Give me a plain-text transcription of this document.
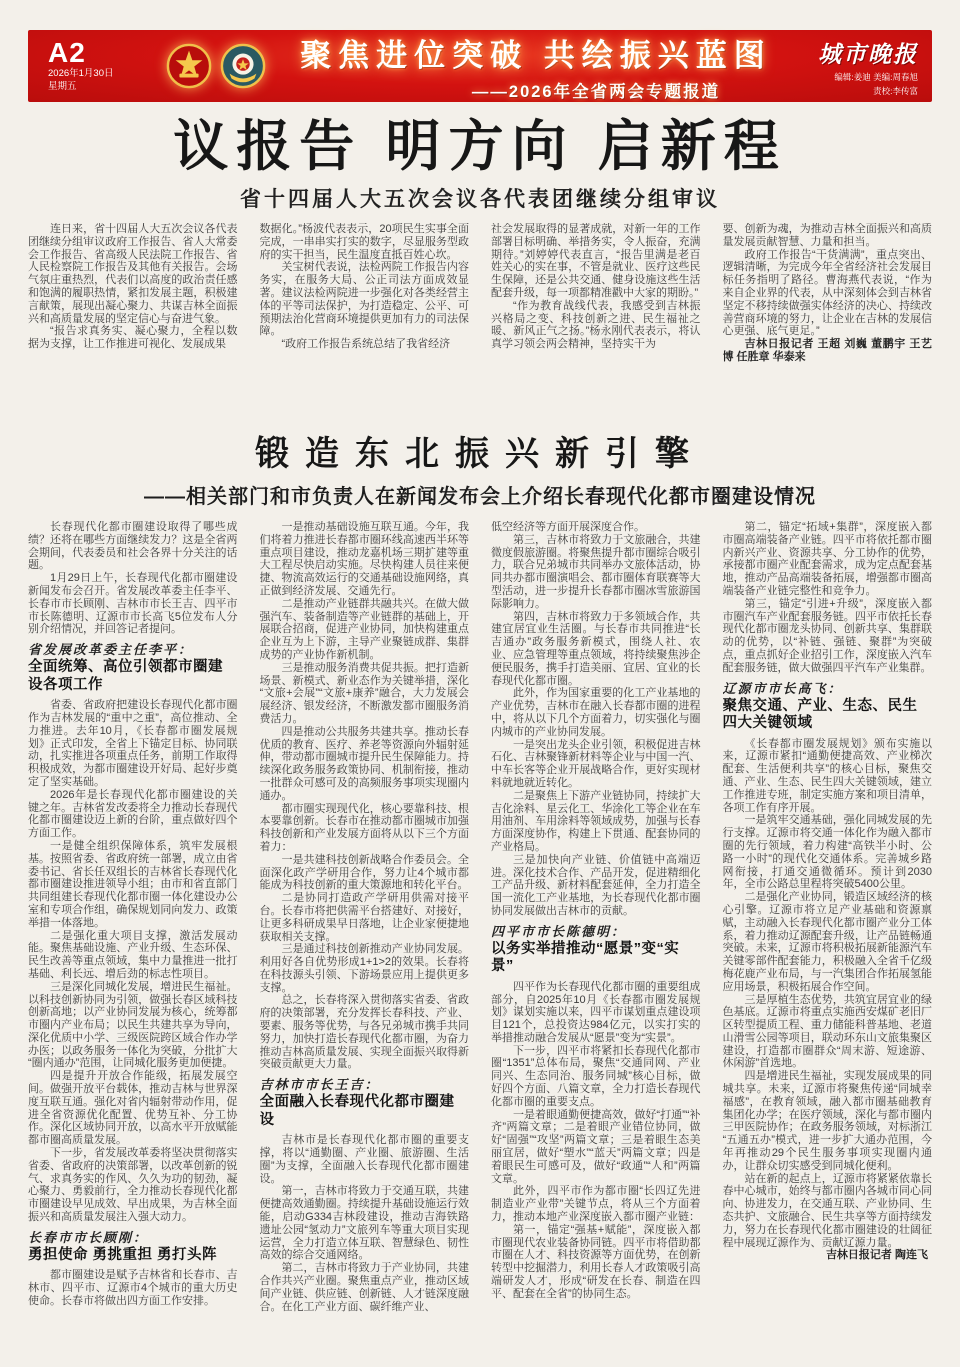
A2
2026年1月30日
星期五
聚焦进位突破 共绘振兴蓝图
——2026年全省两会专题报道
城市晚报
编辑:姜迪 美编:周春旭
责校:李传富
议报告 明方向 启新程
省十四届人大五次会议各代表团继续分组审议

连日来，省十四届人大五次会议各代表团继续分组审议政府工作报告、省人大常委会工作报告、省高级人民法院工作报告、省人民检察院工作报告及其他有关报告。会场气氛庄重热烈，代表们以高度的政治责任感和饱满的履职热情，紧扣发展主题，积极建言献策，展现出凝心聚力、共谋吉林全面振兴和高质量发展的坚定信心与奋进气象。

“报告求真务实、凝心聚力，全程以数据为支撑，让工作推进可视化、发展成果

数据化。”杨波代表表示，20项民生实事全面完成，一串串实打实的数字，尽显服务型政府的实干担当，民生温度直抵百姓心坎。

关宝树代表说，法检两院工作报告内容务实，在服务大局、公正司法方面成效显著。建议法检两院进一步强化对各类经营主体的平等司法保护，为打造稳定、公平、可预期法治化营商环境提供更加有力的司法保障。

“政府工作报告系统总结了我省经济

社会发展取得的显著成就，对新一年的工作部署目标明确、举措务实，令人振奋，充满期待。”刘婷婷代表直言，“报告里满是老百姓关心的实在事，不管是就业、医疗这些民生保障，还是公共交通、健身设施这些生活配套升级，每一项都精准戳中大家的期盼。”

“作为教育战线代表，我感受到吉林振兴格局之变、科技创新之进、民生福祉之暖、新风正气之扬。”杨永刚代表表示，将认真学习领会两会精神，坚持实干为

要、创新为魂，为推动吉林全面振兴和高质量发展贡献智慧、力量和担当。

政府工作报告“干货满满”，重点突出、逻辑清晰，为完成今年全省经济社会发展目标任务指明了路径。曹海燕代表说，“作为来自企业界的代表，从中深刻体会到吉林省坚定不移持续做强实体经济的决心、持续改善营商环境的努力，让企业在吉林的发展信心更强、底气更足。”

吉林日报记者 王超 刘巍 董鹏宇 王艺博 任胜章 华泰来

锻造东北振兴新引擎
——相关部门和市负责人在新闻发布会上介绍长春现代化都市圈建设情况

长春现代化都市圈建设取得了哪些成绩？还将在哪些方面继续发力？这是全省两会期间，代表委员和社会各界十分关注的话题。

1月29日上午，长春现代化都市圈建设新闻发布会召开。省发展改革委主任李平、长春市市长顾刚、吉林市市长王吉、四平市市长陈德明、辽源市市长高飞5位发布人分别介绍情况，并回答记者提问。

省发展改革委主任李平：

全面统筹、高位引领都市圈建设各项工作

省委、省政府把建设长春现代化都市圈作为吉林发展的“重中之重”，高位推动、全力推进。去年10月，《长春都市圈发展规划》正式印发，全省上下锚定目标、协同联动，扎实推进各项重点任务，前期工作取得积极成效，为都市圈建设开好局、起好步奠定了坚实基础。

2026年是长春现代化都市圈建设的关键之年。吉林省发改委将全力推动长春现代化都市圈建设迈上新的台阶，重点做好四个方面工作。

一是健全组织保障体系，筑牢发展根基。按照省委、省政府统一部署，成立由省委书记、省长任双组长的吉林省长春现代化都市圈建设推进领导小组；由市和省直部门共同组建长春现代化都市圈一体化建设办公室和专项合作组，确保规划同向发力、政策举措一体落地。

二是强化重大项目支撑，激活发展动能。聚焦基础设施、产业升级、生态环保、民生改善等重点领域，集中力量推进一批打基础、利长远、增后劲的标志性项目。

三是深化同城化发展，增进民生福祉。以科技创新协同为引领，做强长春区域科技创新高地；以产业协同发展为核心，统筹都市圈内产业布局；以民生共建共享为导向，深化优质中小学、三级医院跨区域合作办学办医；以政务服务一体化为突破，分批扩大“圈内通办”范围，让同城化服务更加便捷。

四是提升开放合作能级，拓展发展空间。做强开放平台载体，推动吉林与世界深度互联互通。强化对省内辐射带动作用，促进全省资源优化配置、优势互补、分工协作。深化区域协同开放，以高水平开放赋能都市圈高质量发展。

下一步，省发展改革委将坚决贯彻落实省委、省政府的决策部署，以改革创新的锐气、求真务实的作风、久久为功的韧劲，凝心聚力、勇毅前行，全力推动长春现代化都市圈建设早见成效、早出成果，为吉林全面振兴和高质量发展注入强大动力。

长春市市长顾刚：

勇担使命 勇挑重担 勇打头阵

都市圈建设是赋予吉林省和长春市、吉林市、四平市、辽源市4个城市的重大历史使命。长春市将做出四方面工作安排。

一是推动基础设施互联互通。今年，我们将着力推进长春都市圈环线高速西半环等重点项目建设，推动龙嘉机场三期扩建等重大工程尽快启动实施。尽快构建人员往来便捷、物流高效运行的交通基础设施网络，真正做到经济发展、交通先行。

二是推动产业链群共融共兴。在做大做强汽车、装备制造等产业链群的基础上，开展联合招商，促进产业协同，加快构建重点企业互为上下游，主导产业聚链成群、集群成势的产业协作新机制。

三是推动服务消费共促共振。把打造新场景、新模式、新业态作为关键举措，深化“文旅+会展”“文旅+康养”融合，大力发展会展经济、银发经济，不断激发都市圈服务消费活力。

四是推动公共服务共建共享。推动长春优质的教育、医疗、养老等资源向外辐射延伸，带动都市圈城市提升民生保障能力。持续深化政务服务政策协同、机制衔接，推动一批群众可感可及的高频服务事项实现圈内通办。

都市圈实现现代化，核心要靠科技、根本要靠创新。长春市在推动都市圈城市加强科技创新和产业发展方面将从以下三个方面着力：

一是共建科技创新战略合作委员会。全面深化政产学研用合作，努力让4个城市都能成为科技创新的重大策源地和转化平台。

二是协同打造政产学研用供需对接平台。长春市将把供需平台搭建好、对接好，让更多科研成果早日落地，让企业家便捷地获取相关支撑。

三是通过科技创新推动产业协同发展。利用好各自优势形成1+1>2的效果。长春将在科技源头引领、下游场景应用上提供更多支撑。

总之，长春将深入贯彻落实省委、省政府的决策部署，充分发挥长春科技、产业、要素、服务等优势，与各兄弟城市携手共同努力，加快打造长春现代化都市圈，为奋力推动吉林高质量发展、实现全面振兴取得新突破贡献更大力量。

吉林市市长王吉：

全面融入长春现代化都市圈建设

吉林市是长春现代化都市圈的重要支撑，将以“通勤圈、产业圈、旅游圈、生活圈”为支撑，全面融入长春现代化都市圈建设。

第一，吉林市将致力于交通互联，共建便捷高效通勤圈。持续提升基础设施运行效能，启动G334吉林段建设，推动吉海铁路遗址公园“氢动力”文旅列车等重大项目实现运营，全力打造立体互联、智慧绿色、韧性高效的综合交通网络。

第二，吉林市将致力于产业协同，共建合作共兴产业圈。聚焦重点产业，推动区域间产业链、供应链、创新链、人才链深度融合。在化工产业方面、碳纤维产业、

低空经济等方面开展深度合作。

第三，吉林市将致力于文旅融合，共建微度假旅游圈。将聚焦提升都市圈综合吸引力，联合兄弟城市共同举办文旅体活动，协同共办都市圈演唱会、都市圈体育联赛等大型活动，进一步提升长春都市圈冰雪旅游国际影响力。

第四，吉林市将致力于多领域合作，共建宜居宜业生活圈。与长春市共同推进“长吉通办”政务服务新模式，围绕人社、农业、应急管理等重点领域，将持续聚焦涉企便民服务，携手打造美丽、宜居、宜业的长春现代化都市圈。

此外，作为国家重要的化工产业基地的产业优势，吉林市在融入长春都市圈的进程中，将从以下几个方面着力，切实强化与圈内城市的产业协同发展。

一是突出龙头企业引领，积极促进吉林石化、吉林聚锋新材料等企业与中国一汽、中车长客等企业开展战略合作，更好实现材料就地就近转化。

二是聚焦上下游产业链协同，持续扩大吉化涂料、星云化工、华涂化工等企业在车用油剂、车用涂料等领域成势，加强与长春方面深度协作，构建上下贯通、配套协同的产业格局。

三是加快向产业链、价值链中高端迈进。深化技术合作、产品开发，促进精细化工产品升级、新材料配套延伸，全力打造全国一流化工产业基地，为长春现代化都市圈协同发展做出吉林市的贡献。

四平市市长陈德明：

以务实举措推动“愿景”变“实景”

四平作为长春现代化都市圈的重要组成部分，自2025年10月《长春都市圈发展规划》谋划实施以来，四平市谋划重点建设项目121个，总投资达984亿元，以实打实的举措推动融合发展从“愿景”变为“实景”。

下一步，四平市将紧扣长春现代化都市圈“1351”总体布局，聚焦“交通同网、产业同兴、生态同治、服务同城”核心目标，做好四个方面、八篇文章，全力打造长春现代化都市圈的重要支点。

一是着眼通勤便捷高效，做好“打通”“补齐”两篇文章；二是着眼产业错位协同，做好“固强”“攻坚”两篇文章；三是着眼生态美丽宜居，做好“塑水”“蓝天”两篇文章；四是着眼民生可感可及，做好“政通”“人和”两篇文章。

此外，四平市作为都市圈“长四辽先进制造业产业带”关键节点，将从三个方面着力，推动本地产业深度嵌入都市圈产业链：

第一，锚定“强基+赋能”，深度嵌入都市圈现代农业装备协同链。四平市将借助都市圈在人才、科技资源等方面优势，在创新转型中挖掘潜力，利用长春人才政策吸引高端研发人才，形成“研发在长春、制造在四平、配套在全省”的协同生态。

第二，锚定“拓域+集群”，深度嵌入都市圈高端装备产业链。四平市将依托都市圈内新兴产业、资源共享、分工协作的优势，承接都市圈产业配套需求，成为定点配套基地，推动产品高端装备拓展，增强都市圈高端装备产业链完整性和竞争力。

第三，锚定“引进+升级”，深度嵌入都市圈汽车产业配套服务链。四平市依托长春现代化都市圈龙头协同、创新共享、集群联动的优势，以“补链、强链、聚群”为突破点，重点抓好企业招引工作，深度嵌入汽车配套服务链，做大做强四平汽车产业集群。

辽源市市长高飞：

聚焦交通、产业、生态、民生四大关键领域

《长春都市圈发展规划》颁布实施以来，辽源市紧扣“通勤便捷高效、产业梯次配套、生活便利共享”的核心目标，聚焦交通、产业、生态、民生四大关键领域，建立工作推进专班，制定实施方案和项目清单，各项工作有序开展。

一是筑牢交通基础，强化同城发展的先行支撑。辽源市将交通一体化作为融入都市圈的先行领域，着力构建“高铁半小时、公路一小时”的现代化交通体系。完善城乡路网衔接，打通交通微循环。预计到2030年，全市公路总里程将突破5400公里。

二是强化产业协同，锻造区域经济的核心引擎。辽源市将立足产业基础和资源禀赋，主动融入长春现代化都市圈产业分工体系，着力推动辽源配套升级，让产品链畅通突破。未来，辽源市将积极拓展新能源汽车关键零部件配套能力，积极融入全省千亿级梅花鹿产业布局，与一汽集团合作拓展氢能应用场景，积极拓展合作空间。

三是厚植生态优势，共筑宜居宜业的绿色基底。辽源市将重点实施西安煤矿老旧厂区转型提质工程、重力储能科普基地、老道山滑雪公园等项目，联动环东山文旅集聚区建设，打造都市圈群众“周末游、短途游、休闲游”首选地。

四是增进民生福祉，实现发展成果的同城共享。未来，辽源市将聚焦传递“同城幸福感”，在教育领域，融入都市圈基础教育集团化办学；在医疗领域，深化与都市圈内三甲医院协作；在政务服务领域，对标浙江“五通五办”模式，进一步扩大通办范围，今年再推动29个民生服务事项实现圈内通办，让群众切实感受到同城化便利。

站在新的起点上，辽源市将紧紧依靠长春中心城市，始终与都市圈内各城市同心同向、协进发力，在交通互联、产业协同、生态共护、文旅融合、民生共享等方面持续发力，努力在长春现代化都市圈建设的壮阔征程中展现辽源作为、贡献辽源力量。

吉林日报记者 陶连飞
